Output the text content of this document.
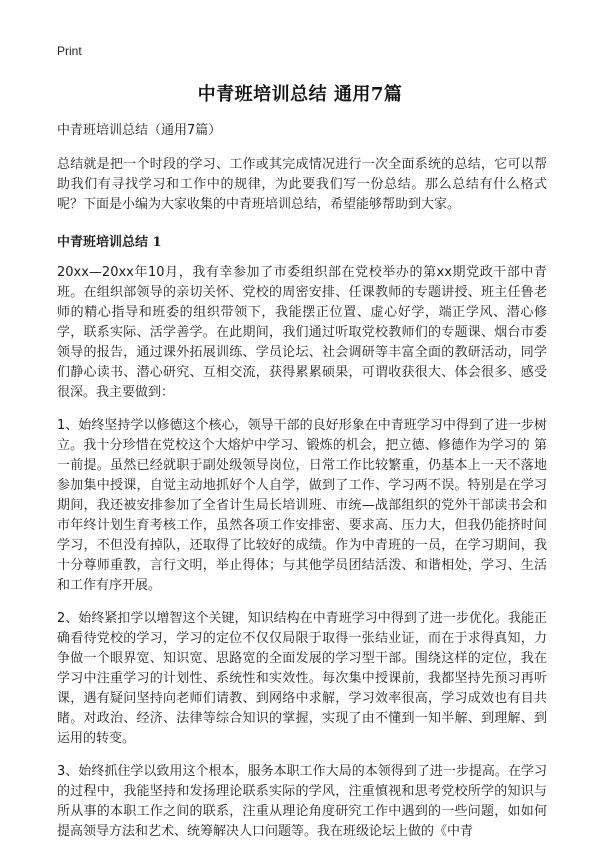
Print
中青班培训总结 通用7篇

中青班培训总结（通用7篇）

总结就是把一个时段的学习、工作或其完成情况进行一次全面系统的总结，它可以帮助我们有寻找学习和工作中的规律，为此要我们写一份总结。那么总结有什么格式呢？下面是小编为大家收集的中青班培训总结，希望能够帮助到大家。

中青班培训总结 1

20xx—20xx年10月，我有幸参加了市委组织部在党校举办的第xx期党政干部中青班。在组织部领导的亲切关怀、党校的周密安排、任课教师的专题讲授、班主任鲁老师的精心指导和班委的组织带领下，我能摆正位置、虚心好学，端正学风、潜心修学，联系实际、活学善学。在此期间，我们通过听取党校教师们的专题课、烟台市委领导的报告，通过课外拓展训练、学员论坛、社会调研等丰富全面的教研活动，同学们静心读书、潜心研究、互相交流，获得累累硕果，可谓收获很大、体会很多、感受很深。我主要做到：

1、始终坚持学以修德这个核心，领导干部的良好形象在中青班学习中得到了进一步树立。我十分珍惜在党校这个大熔炉中学习、锻炼的机会，把立德、修德作为学习的 第一前提。虽然已经就职于副处级领导岗位，日常工作比较繁重，仍基本上一天不落地参加集中授课，自觉主动地抓好个人自学，做到了工作、学习两不误。特别是在学习期间，我还被安排参加了全省计生局长培训班、市统—战部组织的党外干部读书会和市年终计划生育考核工作，虽然各项工作安排密、要求高、压力大，但我仍能挤时间学习，不但没有掉队，还取得了比较好的成绩。作为中青班的一员，在学习期间，我十分尊师重教，言行文明，举止得体；与其他学员团结活泼、和谐相处，学习、生活和工作有序开展。

2、始终紧扣学以增智这个关键，知识结构在中青班学习中得到了进一步优化。我能正确看待党校的学习，学习的定位不仅仅局限于取得一张结业证，而在于求得真知，力争做一个眼界宽、知识宽、思路宽的全面发展的学习型干部。围绕这样的定位，我在学习中注重学习的计划性、系统性和实效性。每次集中授课前，我都坚持先预习再听课，遇有疑问坚持向老师们请教、到网络中求解，学习效率很高，学习成效也有目共睹。对政治、经济、法律等综合知识的掌握，实现了由不懂到一知半解、到理解、到运用的转变。

3、始终抓住学以致用这个根本，服务本职工作大局的本领得到了进一步提高。在学习的过程中，我能坚持和发扬理论联系实际的学风，注重慎视和思考党校所学的知识与所从事的本职工作之间的联系，注重从理论角度研究工作中遇到的一些问题，如如何提高领导方法和艺术、统筹解决人口问题等。我在班级论坛上做的《中青
